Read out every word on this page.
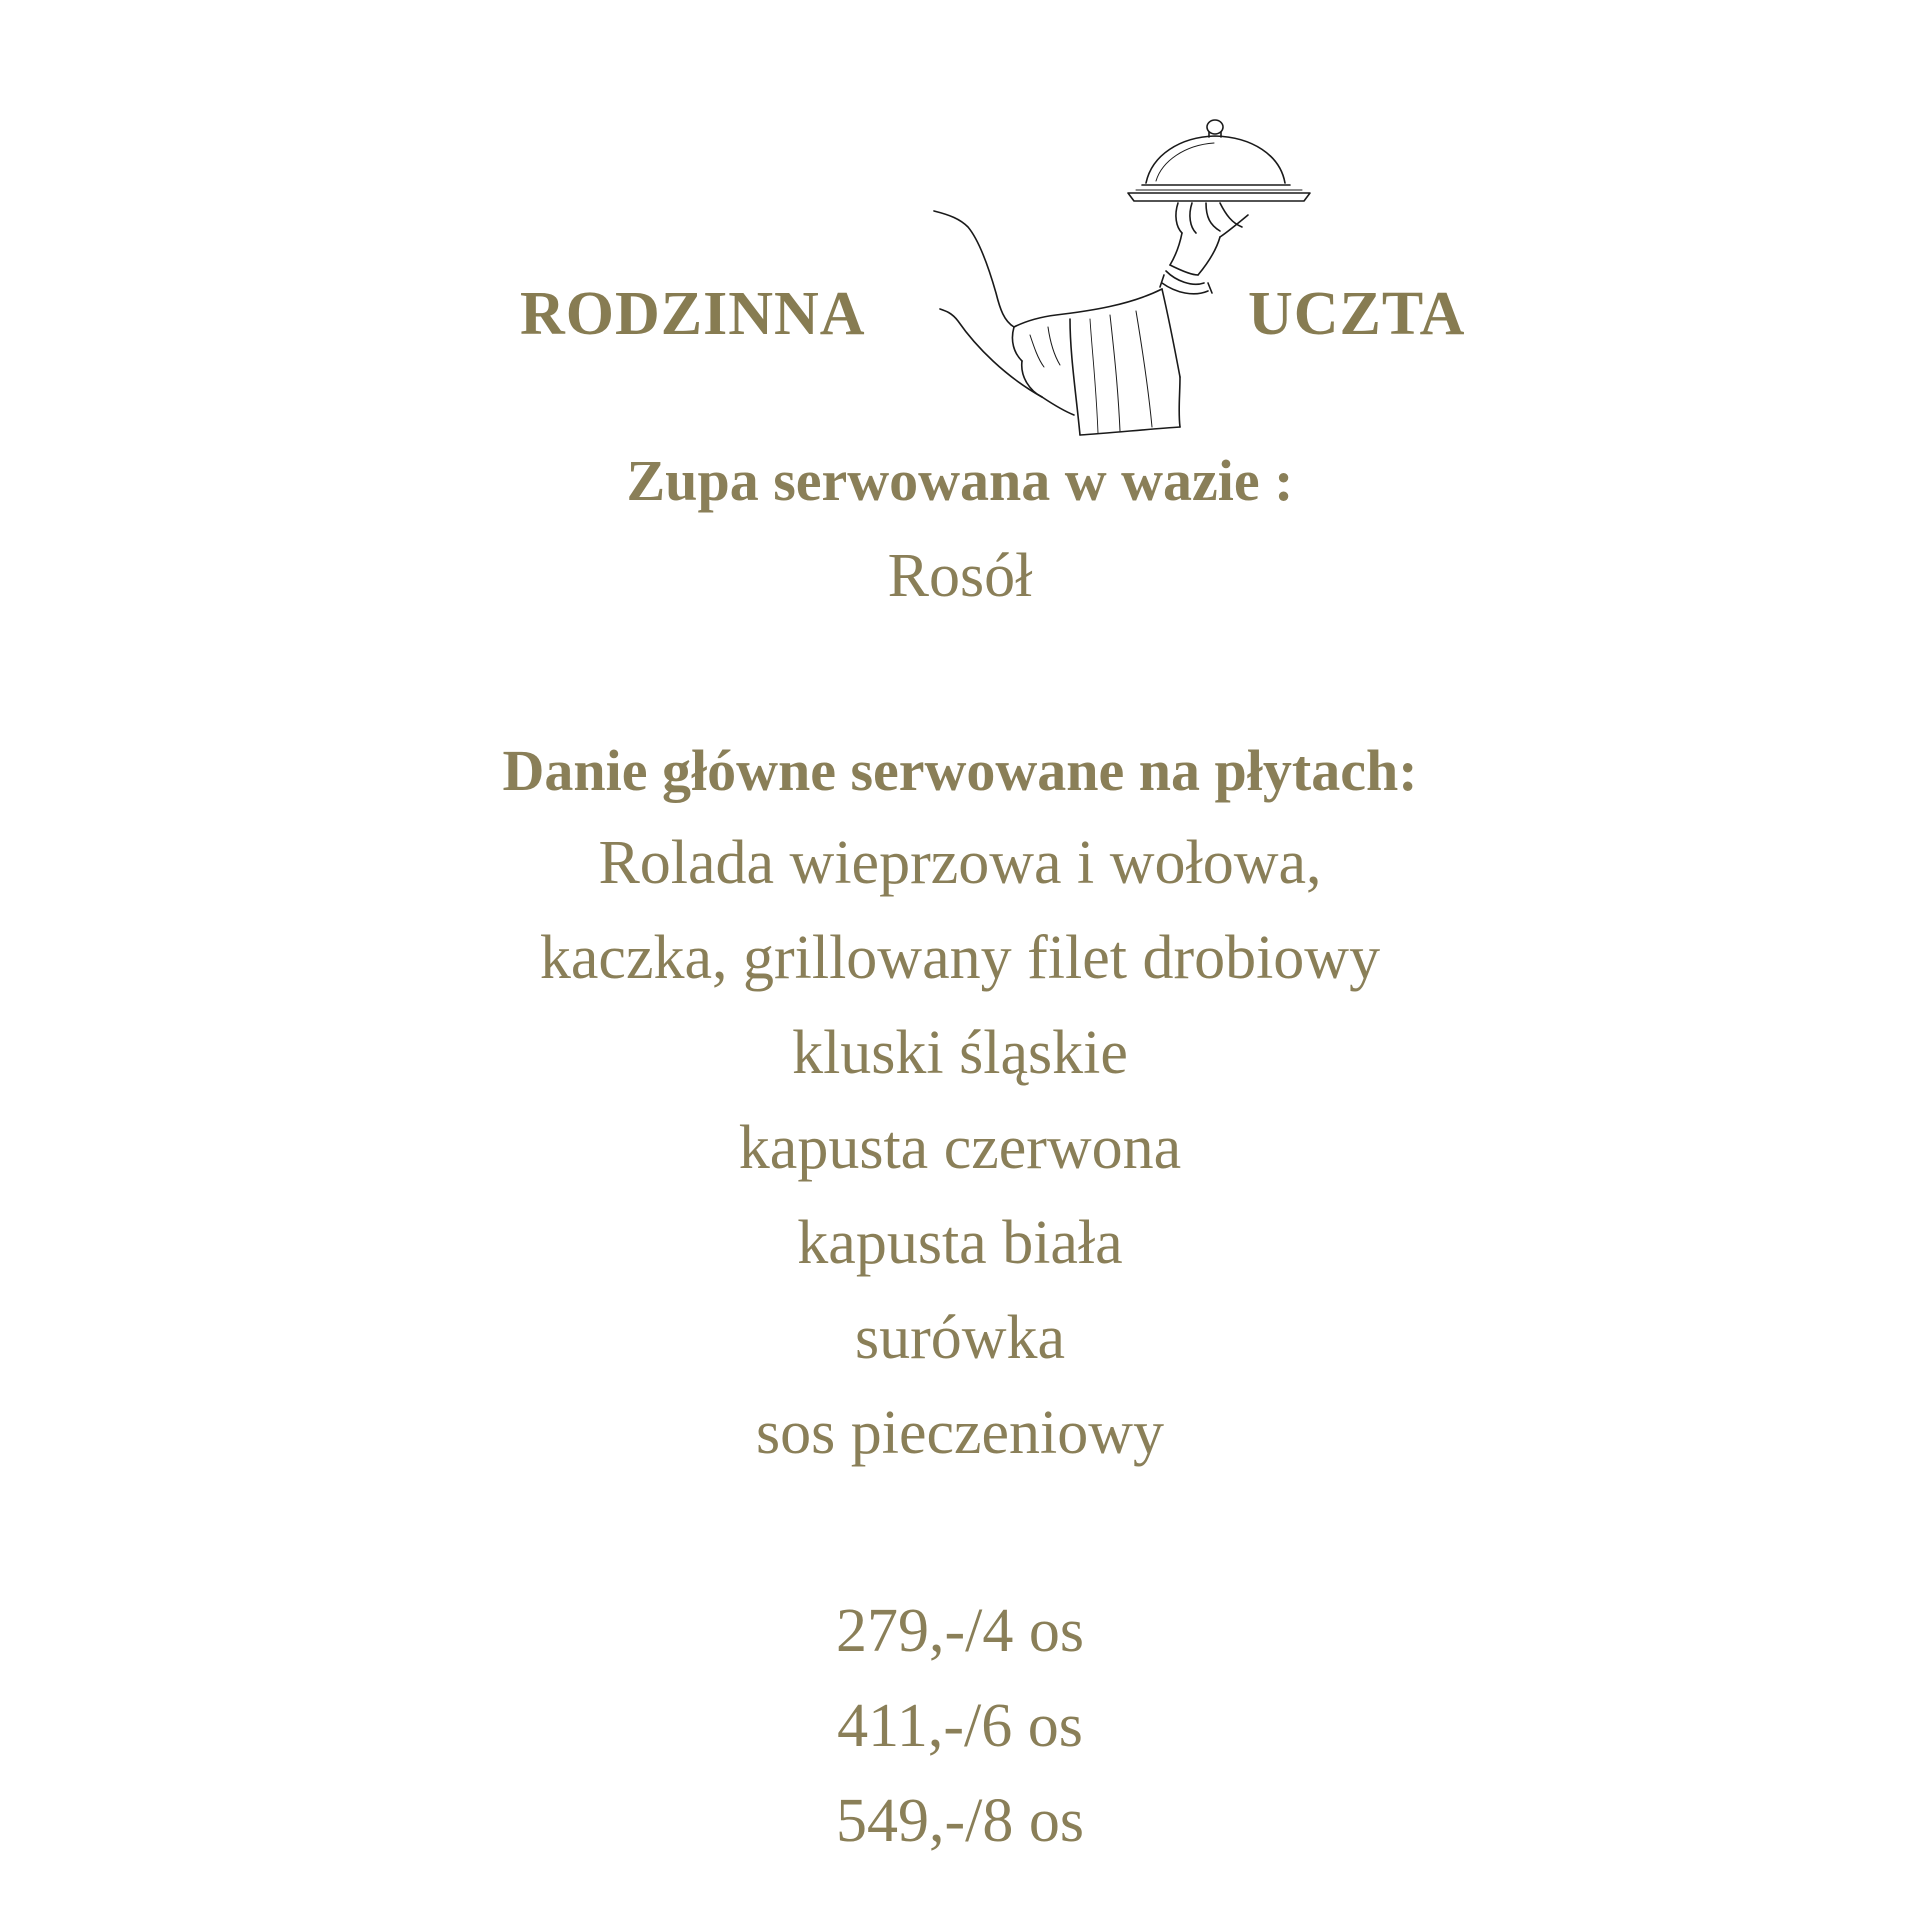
RODZINNA	UCZTA
Zupa serwowana w wazie :
Rosół
Danie główne serwowane na płytach:
Rolada wieprzowa i wołowa,
kaczka, grillowany filet drobiowy
kluski śląskie
kapusta czerwona
kapusta biała
surówka
sos pieczeniowy
279,-/4 os
411,-/6 os
549,-/8 os
